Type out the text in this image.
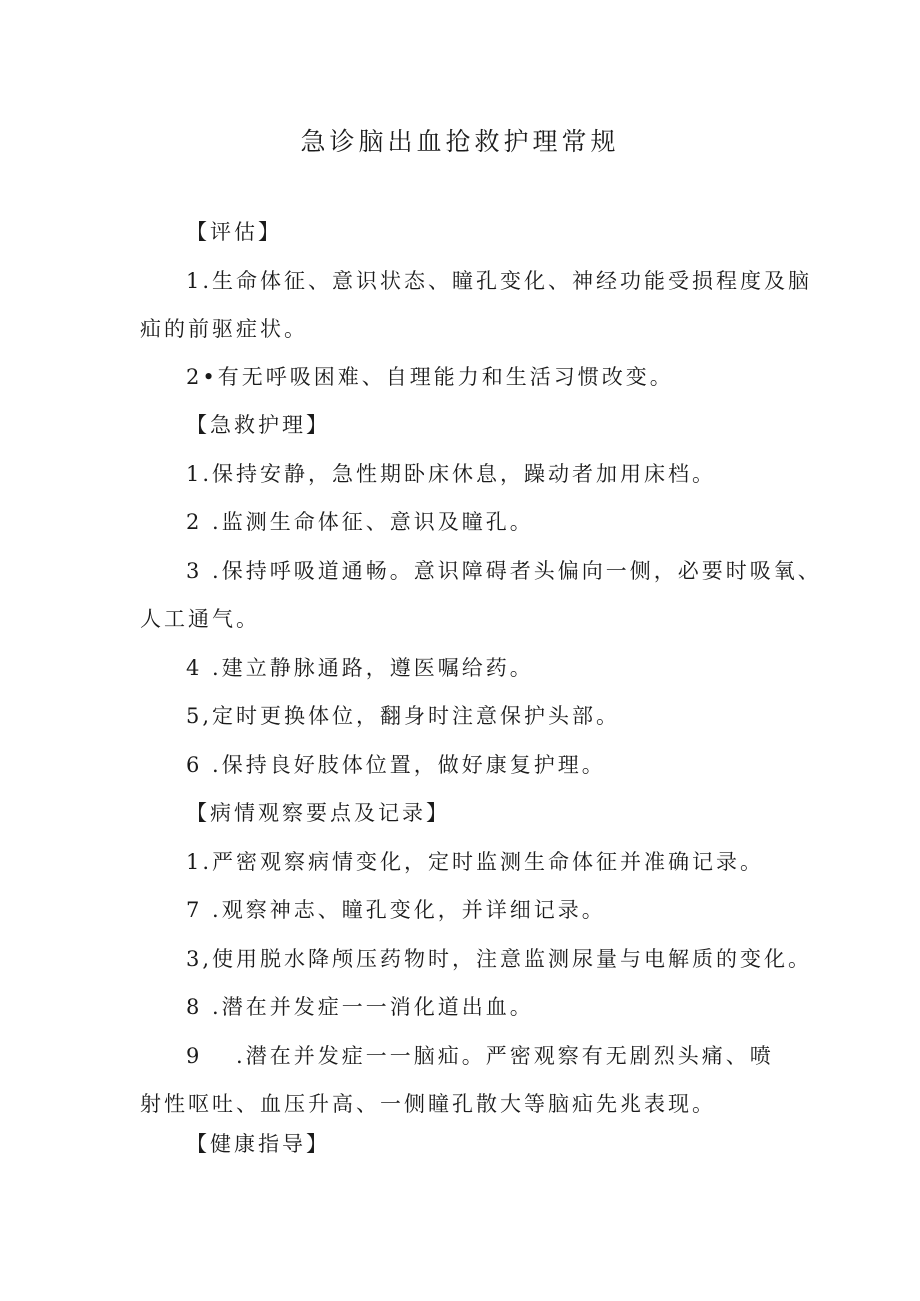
急诊脑出血抢救护理常规
【评估】
1.生命体征、意识状态、瞳孔变化、神经功能受损程度及脑
疝的前驱症状。
2•有无呼吸困难、自理能力和生活习惯改变。
【急救护理】
1.保持安静，急性期卧床休息，躁动者加用床档。
2 .监测生命体征、意识及瞳孔。
3 .保持呼吸道通畅。意识障碍者头偏向一侧，必要时吸氧、
人工通气。
4 .建立静脉通路，遵医嘱给药。
5,定时更换体位，翻身时注意保护头部。
6 .保持良好肢体位置，做好康复护理。
【病情观察要点及记录】
1.严密观察病情变化，定时监测生命体征并准确记录。
7 .观察神志、瞳孔变化，并详细记录。
3,使用脱水降颅压药物时，注意监测尿量与电解质的变化。
8 .潜在并发症一一消化道出血。
9　 .潜在并发症一一脑疝。严密观察有无剧烈头痛、喷
射性呕吐、血压升高、一侧瞳孔散大等脑疝先兆表现。
【健康指导】
